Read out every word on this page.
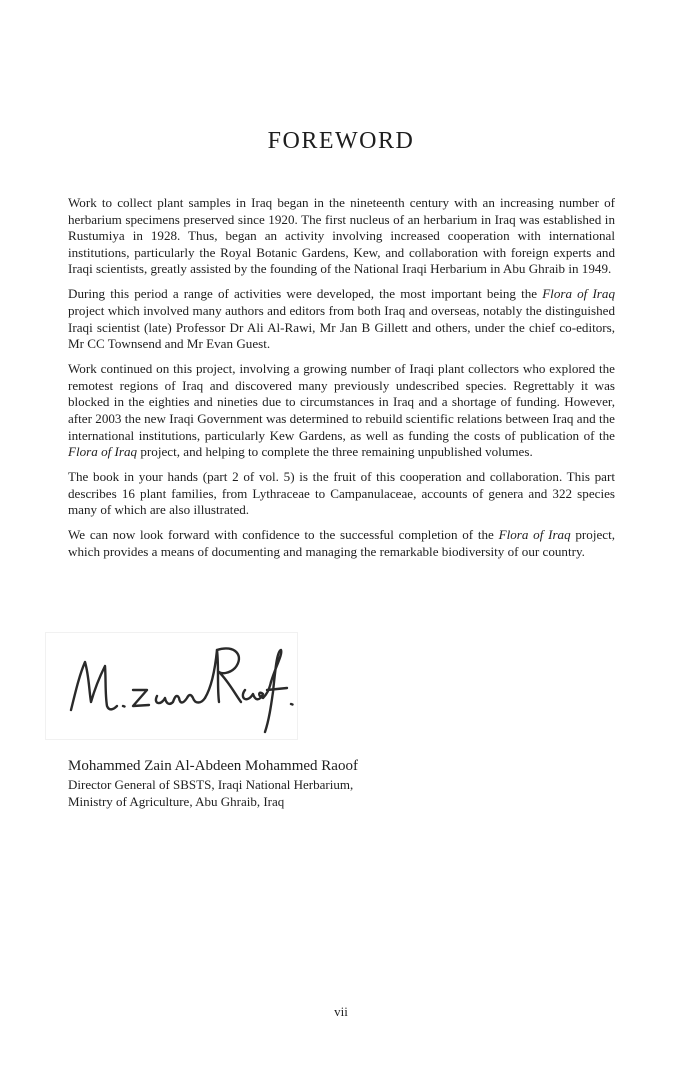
FOREWORD

Work to collect plant samples in Iraq began in the nineteenth century with an increasing number of herbarium specimens preserved since 1920. The first nucleus of an herbarium in Iraq was established in Rustumiya in 1928. Thus, began an activity involving increased cooperation with international institutions, particularly the Royal Botanic Gardens, Kew, and collaboration with foreign experts and Iraqi scientists, greatly assisted by the founding of the National Iraqi Herbarium in Abu Ghraib in 1949.

During this period a range of activities were developed, the most important being the Flora of Iraq project which involved many authors and editors from both Iraq and overseas, notably the distinguished Iraqi scientist (late) Professor Dr Ali Al-Rawi, Mr Jan B Gillett and others, under the chief co-editors, Mr CC Townsend and Mr Evan Guest.

Work continued on this project, involving a growing number of Iraqi plant collectors who explored the remotest regions of Iraq and discovered many previously undescribed species. Regrettably it was blocked in the eighties and nineties due to circumstances in Iraq and a shortage of funding. However, after 2003 the new Iraqi Government was determined to rebuild scientific relations between Iraq and the international institutions, particularly Kew Gardens, as well as funding the costs of publication of the Flora of Iraq project, and helping to complete the three remaining unpublished volumes.

The book in your hands (part 2 of vol. 5) is the fruit of this cooperation and collaboration. This part describes 16 plant families, from Lythraceae to Campanulaceae, accounts of genera and 322 species many of which are also illustrated.

We can now look forward with confidence to the successful completion of the Flora of Iraq project, which provides a means of documenting and managing the remarkable biodiversity of our country.

Mohammed Zain Al-Abdeen Mohammed Raoof

Director General of SBSTS, Iraqi National Herbarium,
Ministry of Agriculture, Abu Ghraib, Iraq

vii
